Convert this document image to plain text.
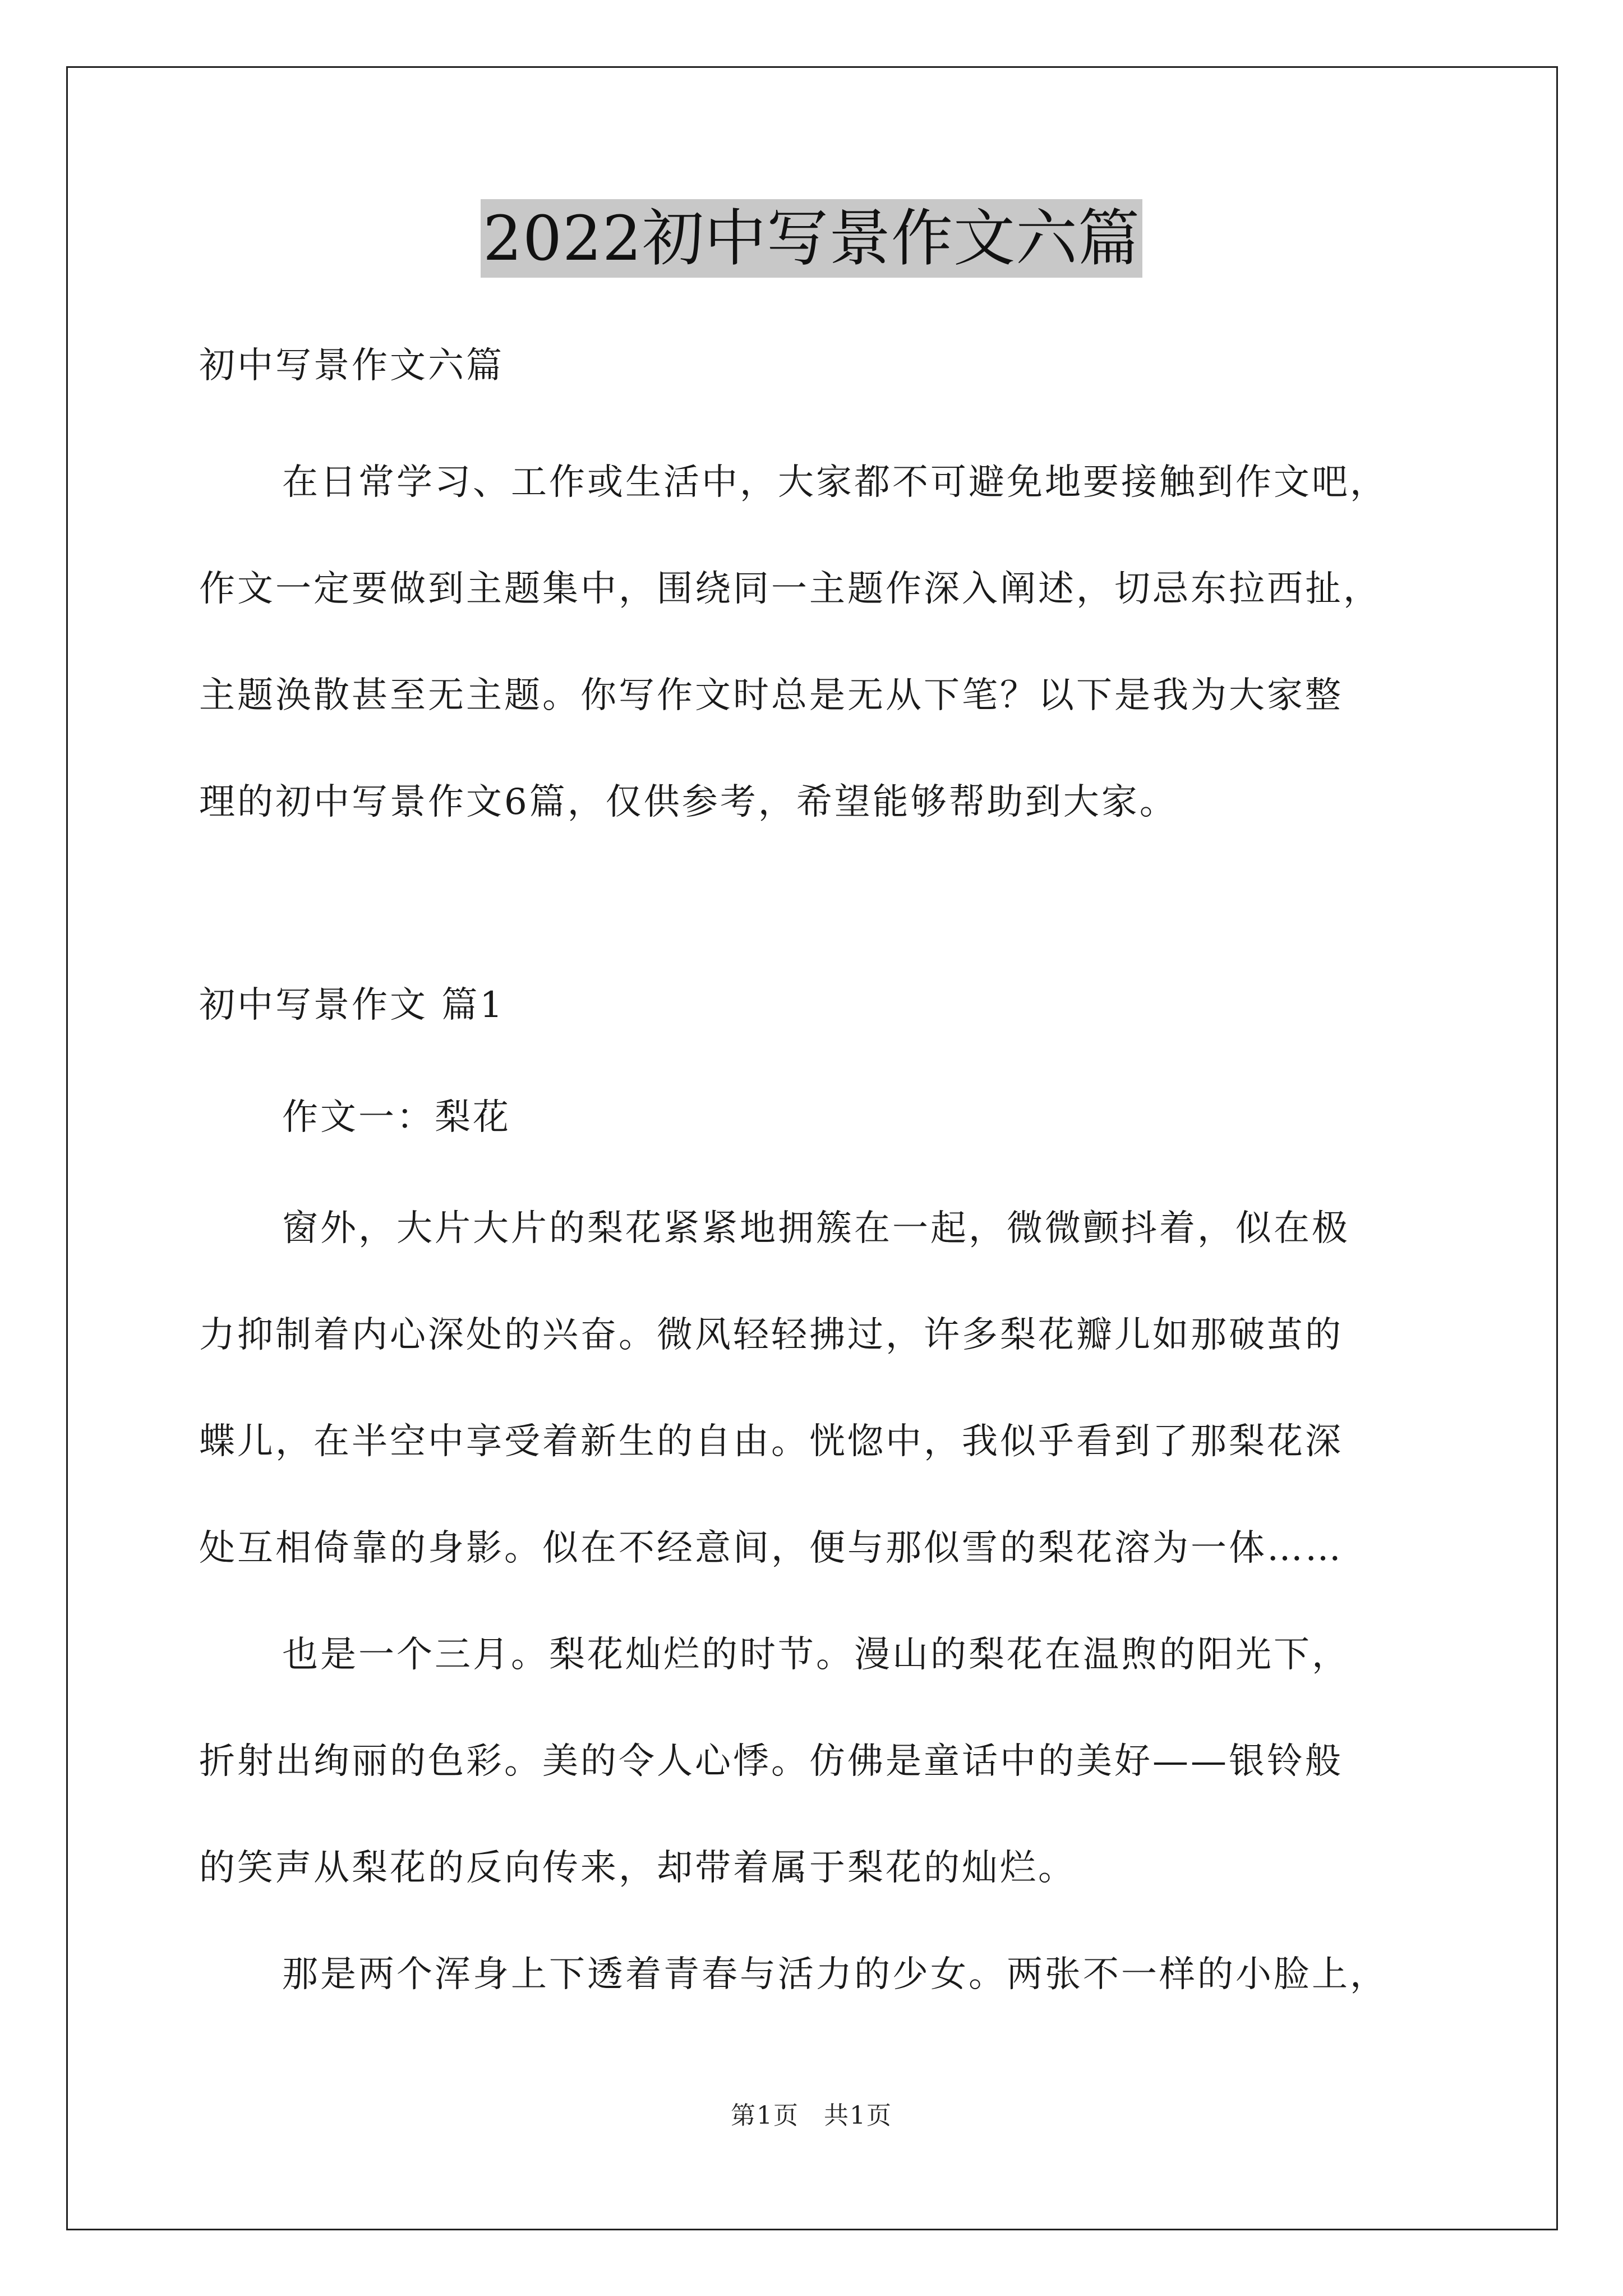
2022初中写景作文六篇
初中写景作文六篇
在日常学习、工作或生活中，大家都不可避免地要接触到作文吧，
作文一定要做到主题集中，围绕同一主题作深入阐述，切忌东拉西扯，
主题涣散甚至无主题。你写作文时总是无从下笔？以下是我为大家整
理的初中写景作文6篇，仅供参考，希望能够帮助到大家。
初中写景作文 篇1
作文一：梨花
窗外，大片大片的梨花紧紧地拥簇在一起，微微颤抖着，似在极
力抑制着内心深处的兴奋。微风轻轻拂过，许多梨花瓣儿如那破茧的
蝶儿，在半空中享受着新生的自由。恍惚中，我似乎看到了那梨花深
处互相倚靠的身影。似在不经意间，便与那似雪的梨花溶为一体……
也是一个三月。梨花灿烂的时节。漫山的梨花在温煦的阳光下，
折射出绚丽的色彩。美的令人心悸。仿佛是童话中的美好——银铃般
的笑声从梨花的反向传来，却带着属于梨花的灿烂。
那是两个浑身上下透着青春与活力的少女。两张不一样的小脸上，
第1页 共1页
